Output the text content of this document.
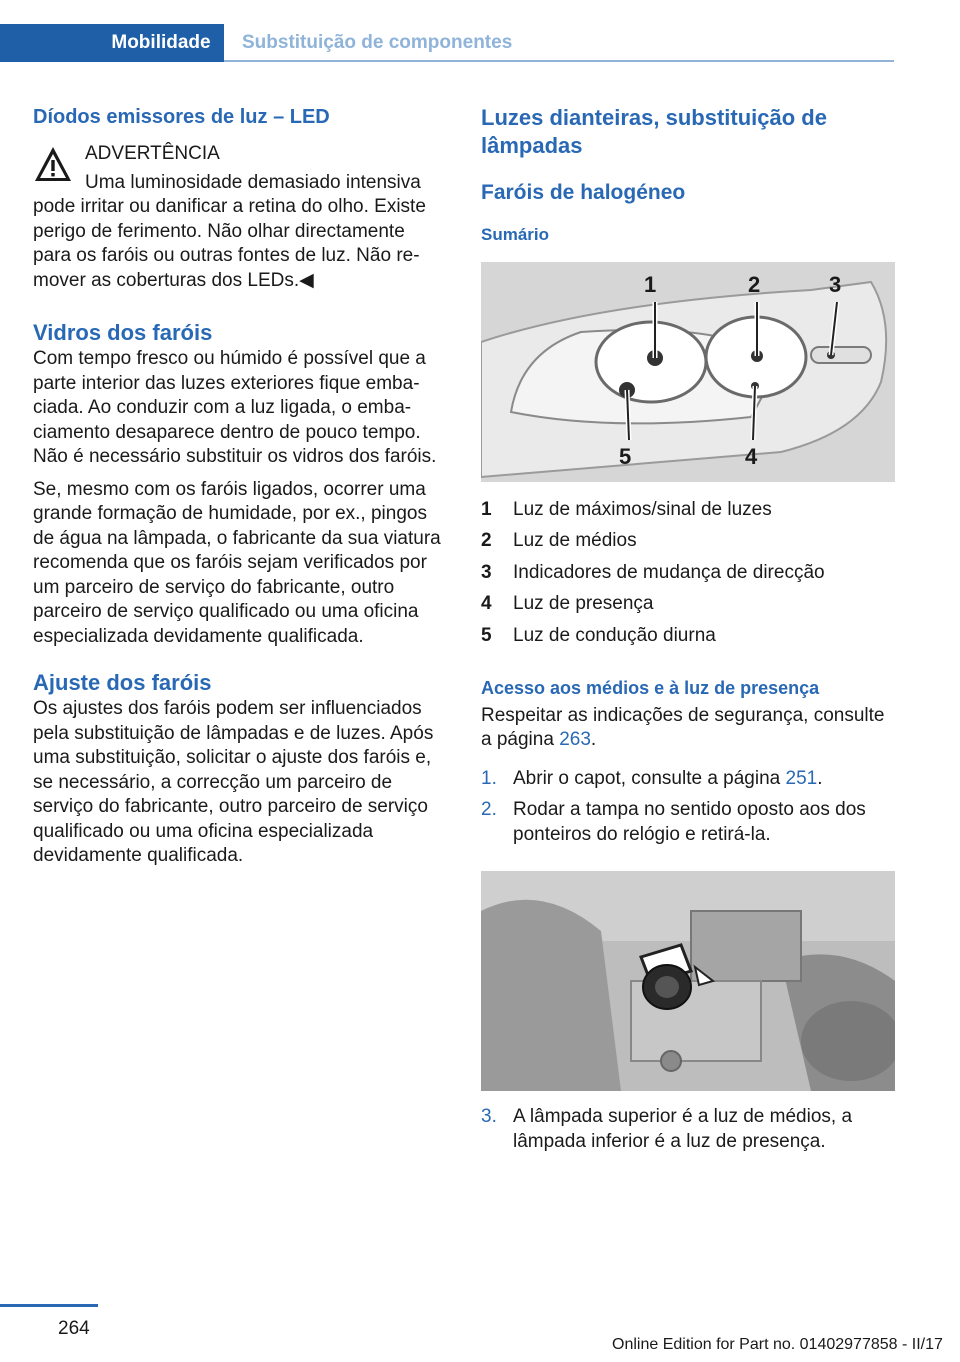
Mobilidade	Substituição de componentes
Díodos emissores de luz – LED
ADVERTÊNCIA
Uma luminosidade demasiado intensiva

pode irritar ou danificar a retina do olho. Existe perigo de ferimento. Não olhar directamente para os faróis ou outras fontes de luz. Não remover as coberturas dos LEDs.◀

Vidros dos faróis

Com tempo fresco ou húmido é possível que a parte interior das luzes exteriores fique embaciada. Ao conduzir com a luz ligada, o embaciamento desaparece dentro de pouco tempo. Não é necessário substituir os vidros dos faróis.

Se, mesmo com os faróis ligados, ocorrer uma grande formação de humidade, por ex., pingos de água na lâmpada, o fabricante da sua viatura recomenda que os faróis sejam verificados por um parceiro de serviço do fabricante, outro parceiro de serviço qualificado ou uma oficina especializada devidamente qualificada.

Ajuste dos faróis

Os ajustes dos faróis podem ser influenciados pela substituição de lâmpadas e de luzes. Após uma substituição, solicitar o ajuste dos faróis e, se necessário, a correcção um parceiro de serviço do fabricante, outro parceiro de serviço qualificado ou uma oficina especializada devidamente qualificada.

Luzes dianteiras, substituição de lâmpadas
Faróis de halogéneo
Sumário
1	2	3
4
5
1	Luz de máximos/sinal de luzes
2	Luz de médios
3	Indicadores de mudança de direcção
4	Luz de presença
5	Luz de condução diurna
Acesso aos médios e à luz de presença

Respeitar as indicações de segurança, consulte a página 263.

1. Abrir o capot, consulte a página 251.
2. Rodar a tampa no sentido oposto aos dos ponteiros do relógio e retirá-la.
3. A lâmpada superior é a luz de médios, a lâmpada inferior é a luz de presença.
264
Online Edition for Part no. 01402977858 - II/17
